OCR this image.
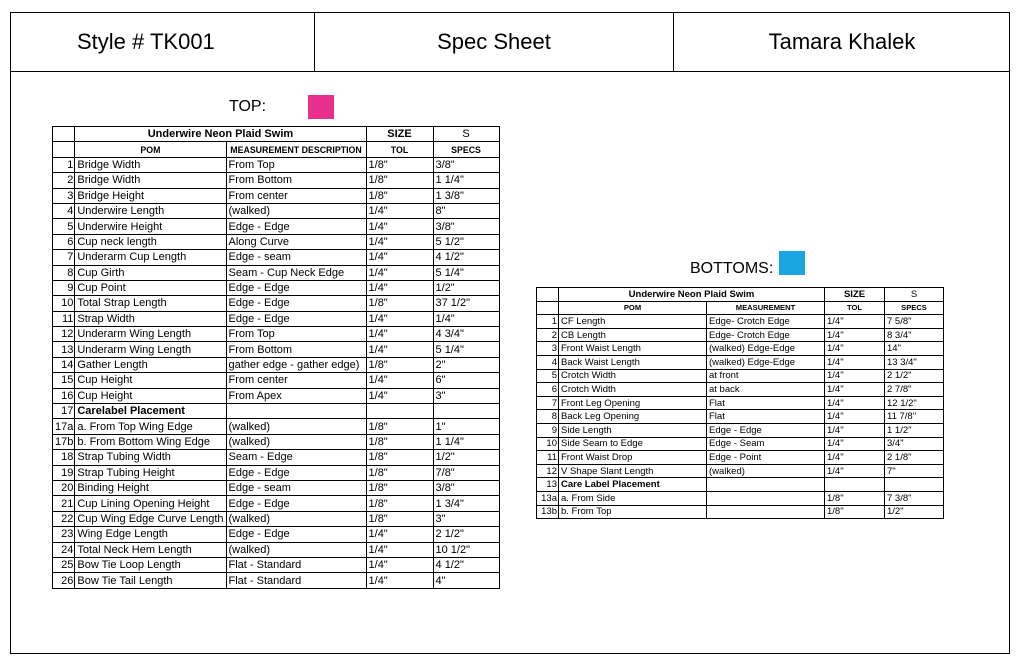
Style # TK001	Spec Sheet	Tamara Khalek
TOP:
	Underwire Neon Plaid Swim		SIZE	S
	POM	MEASUREMENT DESCRIPTION	TOL	SPECS
1	Bridge Width	From Top	1/8"	3/8"
2	Bridge Width	From Bottom	1/8"	1 1/4"
3	Bridge Height	From center	1/8"	1 3/8"
4	Underwire Length	(walked)	1/4"	8"
5	Underwire Height	Edge - Edge	1/4"	3/8"
6	Cup neck length	Along Curve	1/4"	5 1/2"
7	Underarm Cup Length	Edge - seam	1/4"	4 1/2"
8	Cup Girth	Seam - Cup Neck Edge	1/4"	5 1/4"
9	Cup Point	Edge - Edge	1/4"	1/2"
10	Total Strap Length	Edge - Edge	1/8"	37 1/2"
11	Strap Width	Edge - Edge	1/4"	1/4"
12	Underarm Wing Length	From Top	1/4"	4 3/4"
13	Underarm Wing Length	From Bottom	1/4"	5 1/4"
14	Gather Length	gather edge - gather edge)	1/8"	2"
15	Cup Height	From center	1/4"	6"
16	Cup Height	From Apex	1/4"	3"
17	Carelabel Placement			
17a	a. From Top Wing Edge	(walked)	1/8"	1"
17b	b. From Bottom Wing Edge	(walked)	1/8"	1 1/4"
18	Strap Tubing Width	Seam - Edge	1/8"	1/2"
19	Strap Tubing Height	Edge - Edge	1/8"	7/8"
20	Binding Height	Edge - seam	1/8"	3/8"
21	Cup Lining Opening Height	Edge - Edge	1/8"	1 3/4"
22	Cup Wing Edge Curve Length	(walked)	1/8"	3"
23	Wing Edge Length	Edge - Edge	1/4"	2 1/2"
24	Total Neck Hem Length	(walked)	1/4"	10 1/2"
25	Bow Tie Loop Length	Flat - Standard	1/4"	4 1/2"
26	Bow Tie Tail Length	Flat - Standard	1/4"	4"
BOTTOMS:
	Underwire Neon Plaid Swim		SIZE	S
	POM	MEASUREMENT	TOL	SPECS
1	CF Length	Edge- Crotch Edge	1/4"	7 5/8"
2	CB Length	Edge- Crotch Edge	1/4"	8 3/4"
3	Front Waist Length	(walked) Edge-Edge	1/4"	14"
4	Back Waist Length	(walked) Edge-Edge	1/4"	13 3/4"
5	Crotch Width	at front	1/4"	2 1/2"
6	Crotch Width	at back	1/4"	2 7/8"
7	Front Leg Opening	Flat	1/4"	12 1/2"
8	Back Leg Opening	Flat	1/4"	11 7/8"
9	Side Length	Edge - Edge	1/4"	1 1/2"
10	Side Seam to Edge	Edge - Seam	1/4"	3/4"
11	Front Waist Drop	Edge - Point	1/4"	2 1/8"
12	V Shape Slant Length	(walked)	1/4"	7"
13	Care Label Placement			
13a	a. From Side		1/8"	7 3/8"
13b	b. From Top		1/8"	1/2"
